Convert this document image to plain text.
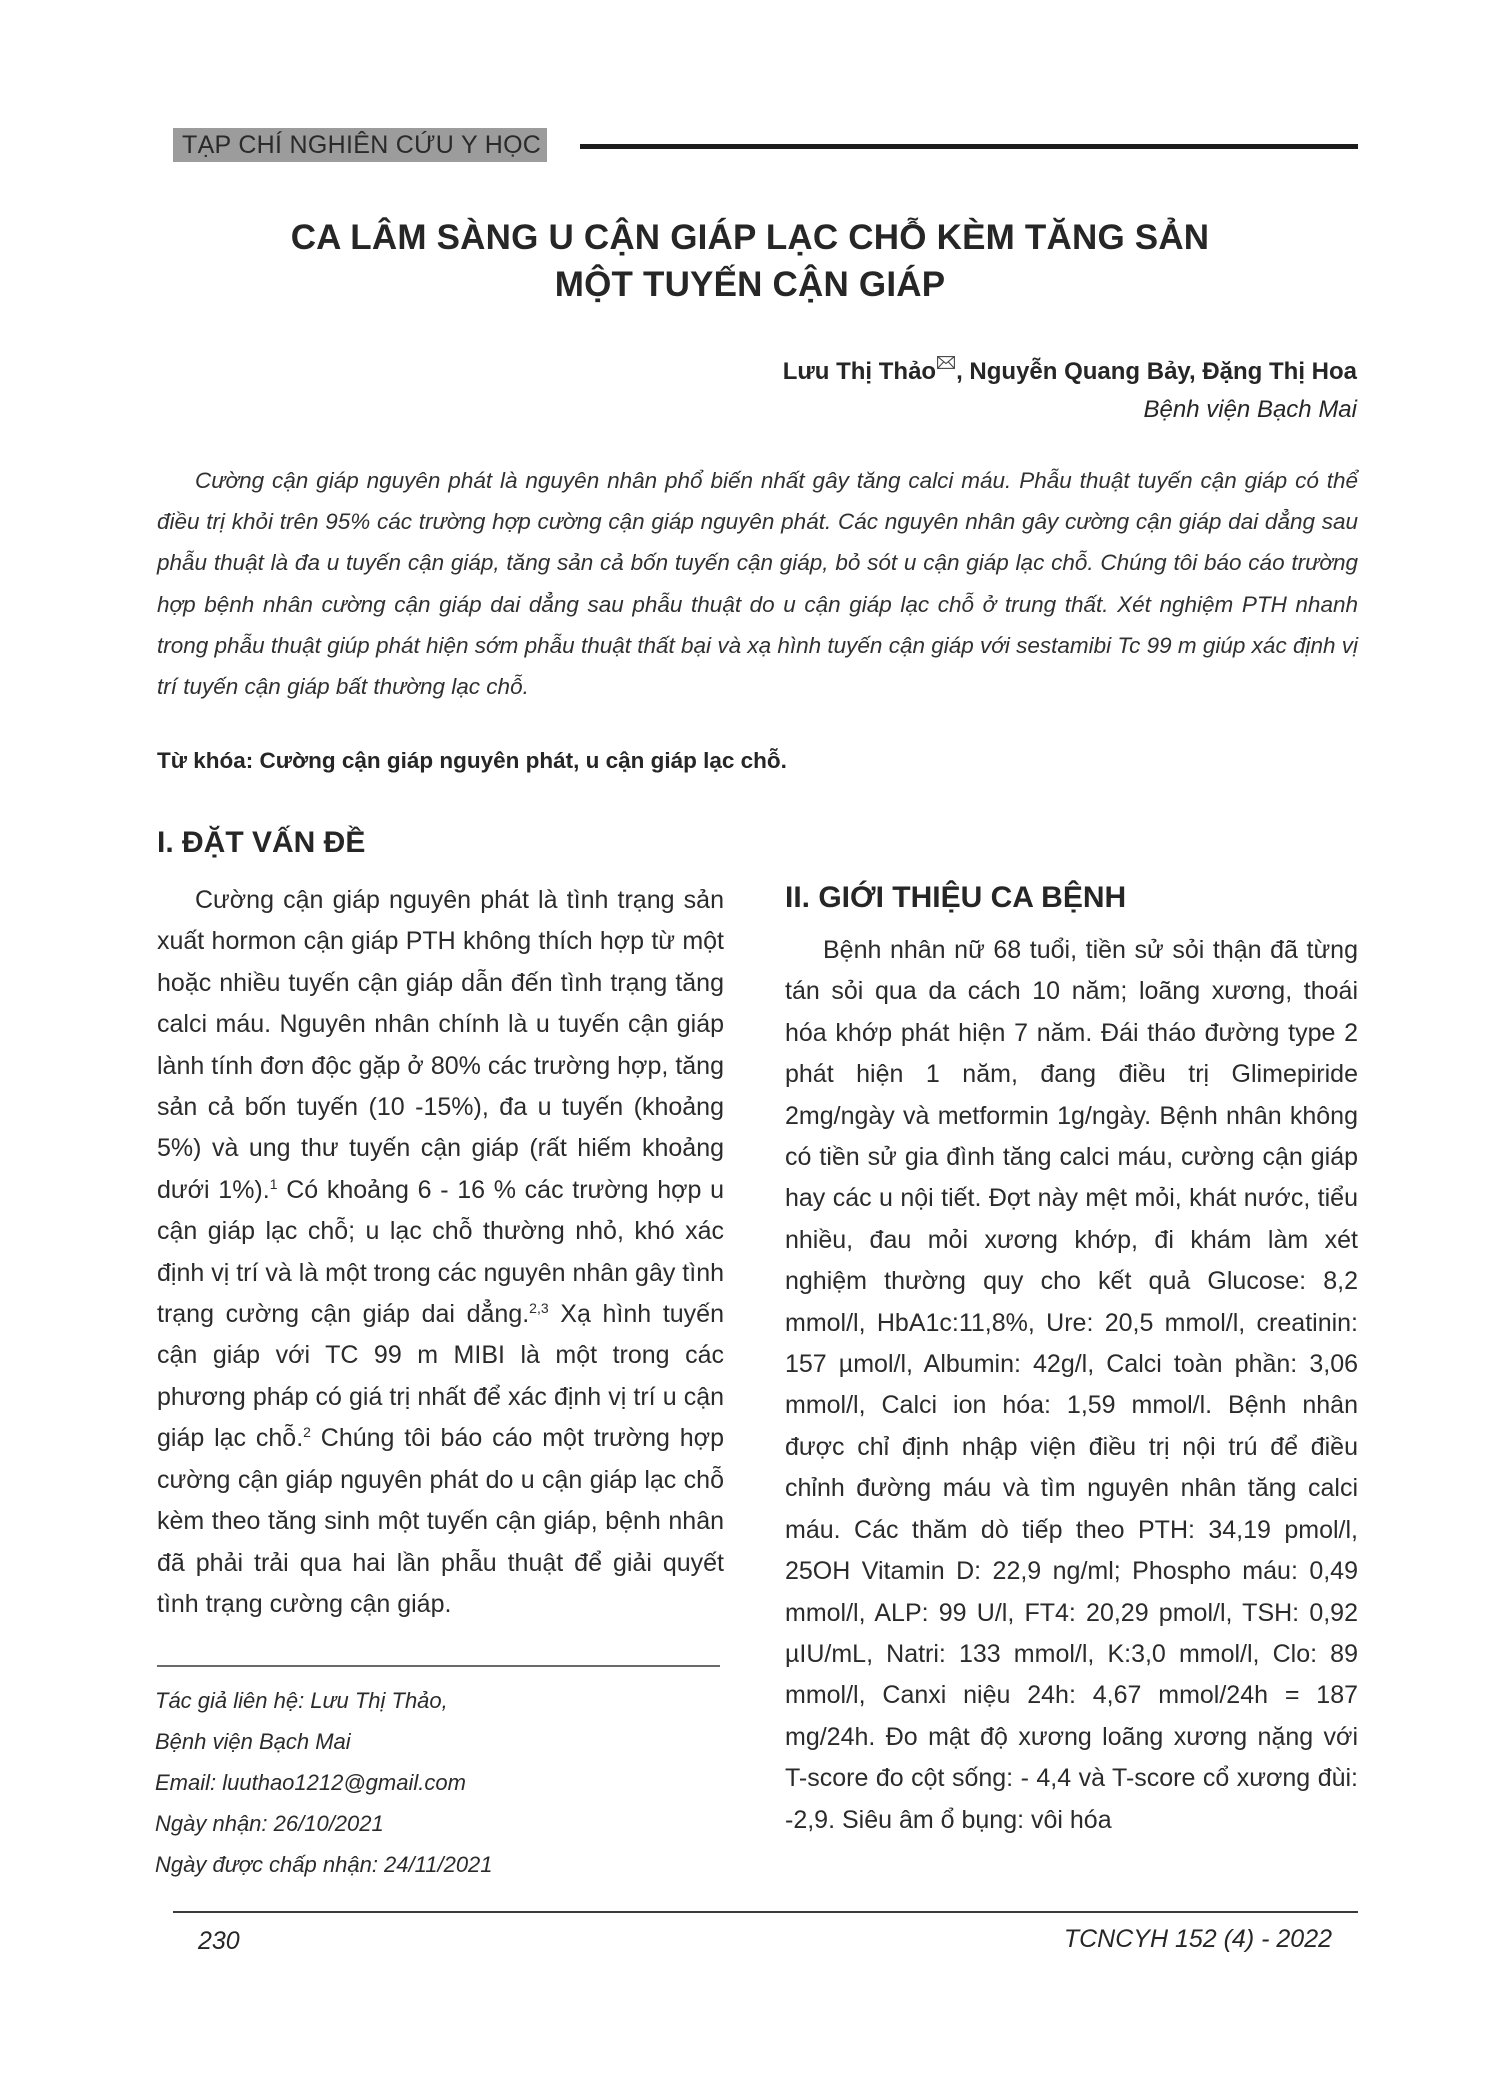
TẠP CHÍ NGHIÊN CỨU Y HỌC
CA LÂM SÀNG U CẬN GIÁP LẠC CHỖ KÈM TĂNG SẢN
MỘT TUYẾN CẬN GIÁP
Lưu Thị Thảo , Nguyễn Quang Bảy, Đặng Thị Hoa
Bệnh viện Bạch Mai

Cường cận giáp nguyên phát là nguyên nhân phổ biến nhất gây tăng calci máu. Phẫu thuật tuyến cận giáp có thể điều trị khỏi trên 95% các trường hợp cường cận giáp nguyên phát. Các nguyên nhân gây cường cận giáp dai dẳng sau phẫu thuật là đa u tuyến cận giáp, tăng sản cả bốn tuyến cận giáp, bỏ sót u cận giáp lạc chỗ. Chúng tôi báo cáo trường hợp bệnh nhân cường cận giáp dai dẳng sau phẫu thuật do u cận giáp lạc chỗ ở trung thất. Xét nghiệm PTH nhanh trong phẫu thuật giúp phát hiện sớm phẫu thuật thất bại và xạ hình tuyến cận giáp với sestamibi Tc 99 m giúp xác định vị trí tuyến cận giáp bất thường lạc chỗ.

Từ khóa: Cường cận giáp nguyên phát, u cận giáp lạc chỗ.
I. ĐẶT VẤN ĐỀ

Cường cận giáp nguyên phát là tình trạng sản xuất hormon cận giáp PTH không thích hợp từ một hoặc nhiều tuyến cận giáp dẫn đến tình trạng tăng calci máu. Nguyên nhân chính là u tuyến cận giáp lành tính đơn độc gặp ở 80% các trường hợp, tăng sản cả bốn tuyến (10 -15%), đa u tuyến (khoảng 5%) và ung thư tuyến cận giáp (rất hiếm khoảng dưới 1%).$^1$ Có khoảng 6 - 16 % các trường hợp u cận giáp lạc chỗ; u lạc chỗ thường nhỏ, khó xác định vị trí và là một trong các nguyên nhân gây tình trạng cường cận giáp dai dẳng.$^{2,3}$ Xạ hình tuyến cận giáp với TC 99 m MIBI là một trong các phương pháp có giá trị nhất để xác định vị trí u cận giáp lạc chỗ.$^2$ Chúng tôi báo cáo một trường hợp cường cận giáp nguyên phát do u cận giáp lạc chỗ kèm theo tăng sinh một tuyến cận giáp, bệnh nhân đã phải trải qua hai lần phẫu thuật để giải quyết tình trạng cường cận giáp.

Tác giả liên hệ: Lưu Thị Thảo,
Bệnh viện Bạch Mai
Email: luuthao1212@gmail.com
Ngày nhận: 26/10/2021
Ngày được chấp nhận: 24/11/2021
II. GIỚI THIỆU CA BỆNH

Bệnh nhân nữ 68 tuổi, tiền sử sỏi thận đã từng tán sỏi qua da cách 10 năm; loãng xương, thoái hóa khớp phát hiện 7 năm. Đái tháo đường type 2 phát hiện 1 năm, đang điều trị Glimepiride 2mg/ngày và metformin 1g/ngày. Bệnh nhân không có tiền sử gia đình tăng calci máu, cường cận giáp hay các u nội tiết. Đợt này mệt mỏi, khát nước, tiểu nhiều, đau mỏi xương khớp, đi khám làm xét nghiệm thường quy cho kết quả Glucose: 8,2 mmol/l, HbA1c:11,8%, Ure: 20,5 mmol/l, creatinin: 157 µmol/l, Albumin: 42g/l, Calci toàn phần: 3,06 mmol/l, Calci ion hóa: 1,59 mmol/l. Bệnh nhân được chỉ định nhập viện điều trị nội trú để điều chỉnh đường máu và tìm nguyên nhân tăng calci máu. Các thăm dò tiếp theo PTH: 34,19 pmol/l, 25OH Vitamin D: 22,9 ng/ml; Phospho máu: 0,49 mmol/l, ALP: 99 U/l, FT4: 20,29 pmol/l, TSH: 0,92 µIU/mL, Natri: 133 mmol/l, K:3,0 mmol/l, Clo: 89 mmol/l, Canxi niệu 24h: 4,67 mmol/24h = 187 mg/24h. Đo mật độ xương loãng xương nặng với T-score đo cột sống: - 4,4 và T-score cổ xương đùi: -2,9. Siêu âm ổ bụng: vôi hóa

230	TCNCYH 152 (4) - 2022
